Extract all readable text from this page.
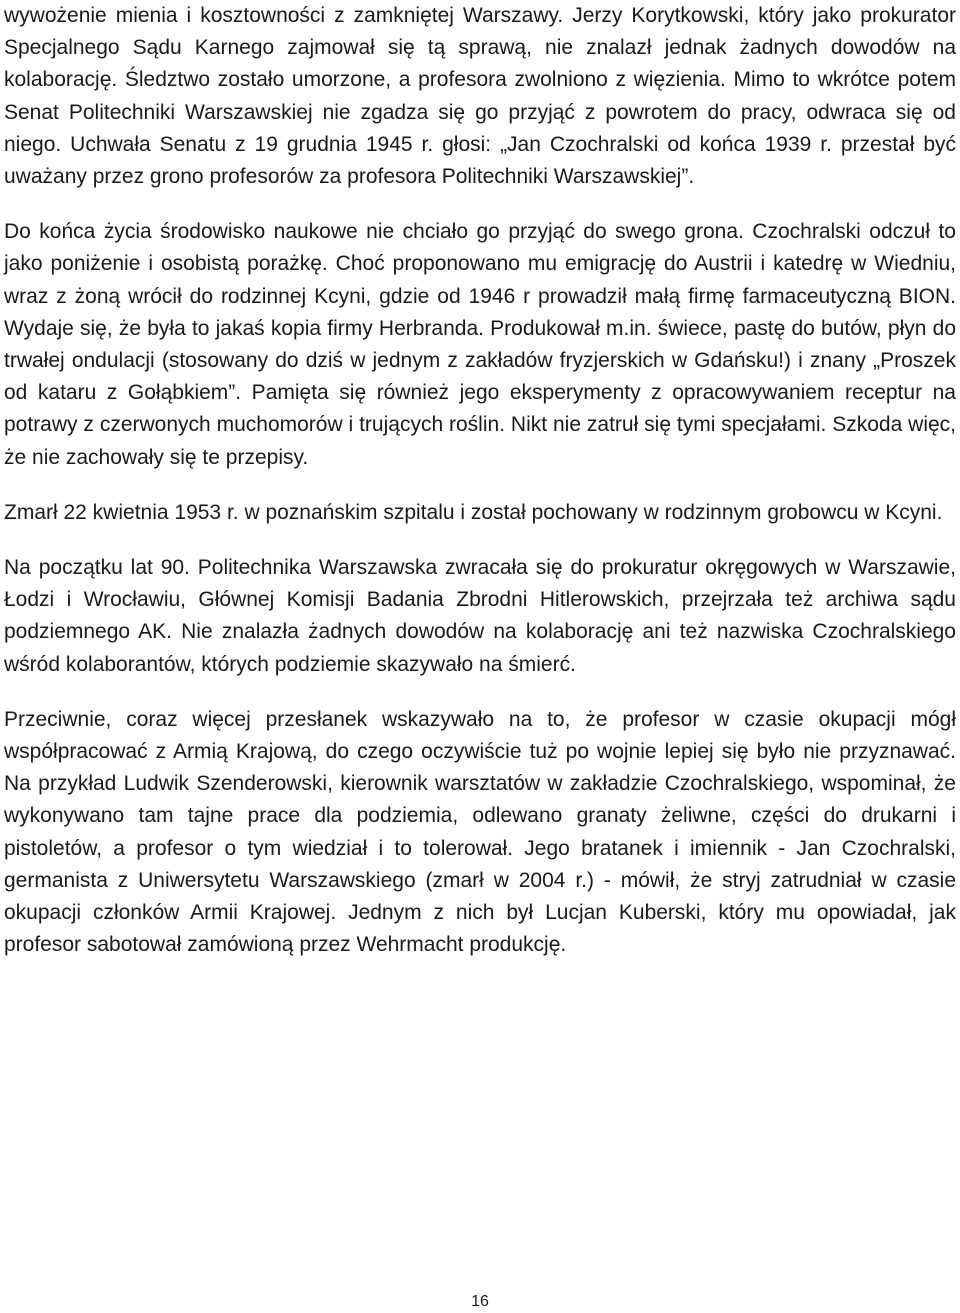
wywożenie mienia i kosztowności z zamkniętej Warszawy. Jerzy Korytkowski, który jako prokurator Specjalnego Sądu Karnego zajmował się tą sprawą, nie znalazł jednak żadnych dowodów na kolaborację. Śledztwo zostało umorzone, a profesora zwolniono z więzienia. Mimo to wkrótce potem Senat Politechniki Warszawskiej nie zgadza się go przyjąć z powrotem do pracy, odwraca się od niego. Uchwała Senatu z 19 grudnia 1945 r. głosi: „Jan Czochralski od końca 1939 r. przestał być uważany przez grono profesorów za profesora Politechniki Warszawskiej”.

Do końca życia środowisko naukowe nie chciało go przyjąć do swego grona. Czochralski odczuł to jako poniżenie i osobistą porażkę. Choć proponowano mu emigrację do Austrii i katedrę w Wiedniu, wraz z żoną wrócił do rodzinnej Kcyni, gdzie od 1946 r prowadził małą firmę farmaceutyczną BION. Wydaje się, że była to jakaś kopia firmy Herbranda. Produkował m.in. świece, pastę do butów, płyn do trwałej ondulacji (stosowany do dziś w jednym z zakładów fryzjerskich w Gdańsku!) i znany „Proszek od kataru z Gołąbkiem”. Pamięta się również jego eksperymenty z opracowywaniem receptur na potrawy z czerwonych muchomorów i trujących roślin. Nikt nie zatruł się tymi specjałami. Szkoda więc, że nie zachowały się te przepisy.

Zmarł 22 kwietnia 1953 r. w poznańskim szpitalu i został pochowany w rodzinnym grobowcu w Kcyni.

Na początku lat 90. Politechnika Warszawska zwracała się do prokuratur okręgowych w Warszawie, Łodzi i Wrocławiu, Głównej Komisji Badania Zbrodni Hitlerowskich, przejrzała też archiwa sądu podziemnego AK. Nie znalazła żadnych dowodów na kolaborację ani też nazwiska Czochralskiego wśród kolaborantów, których podziemie skazywało na śmierć.

Przeciwnie, coraz więcej przesłanek wskazywało na to, że profesor w czasie okupacji mógł współpracować z Armią Krajową, do czego oczywiście tuż po wojnie lepiej się było nie przyznawać. Na przykład Ludwik Szenderowski, kierownik warsztatów w zakładzie Czochralskiego, wspominał, że wykonywano tam tajne prace dla podziemia, odlewano granaty żeliwne, części do drukarni i pistoletów, a profesor o tym wiedział i to tolerował. Jego bratanek i imiennik - Jan Czochralski, germanista z Uniwersytetu Warszawskiego (zmarł w 2004 r.) - mówił, że stryj zatrudniał w czasie okupacji członków Armii Krajowej. Jednym z nich był Lucjan Kuberski, który mu opowiadał, jak profesor sabotował zamówioną przez Wehrmacht produkcję.

16
